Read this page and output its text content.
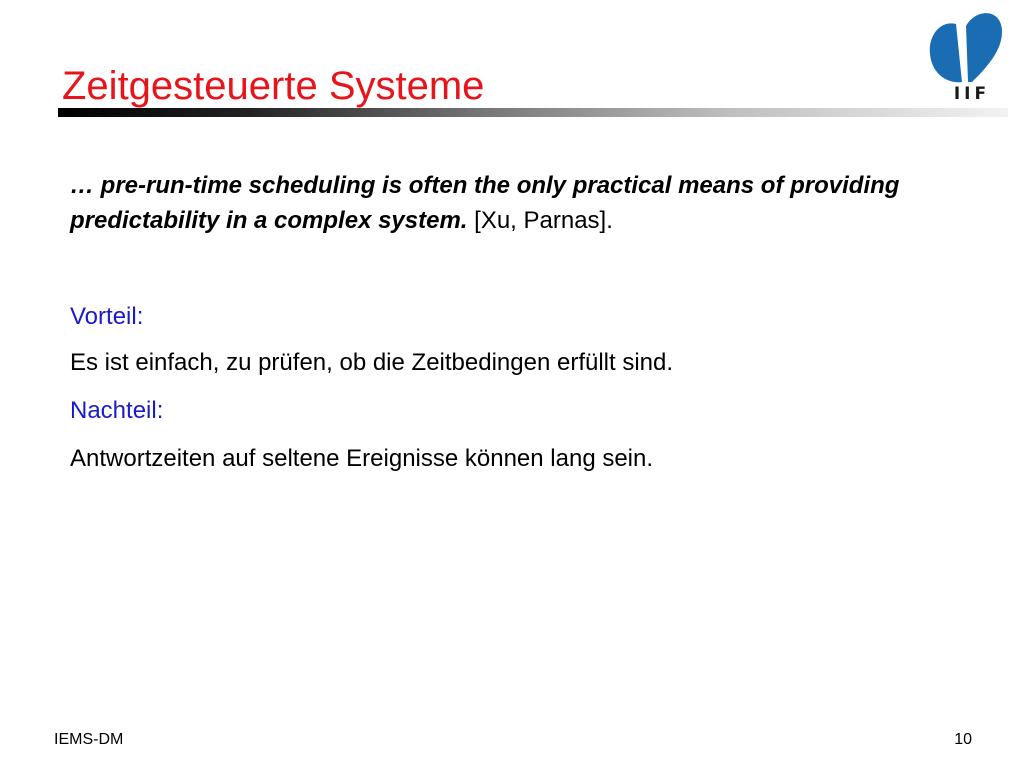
Zeitgesteuerte Systeme	IIF

… pre-run-time scheduling is often the only practical means of providing predictability in a complex system. [Xu, Parnas].

Vorteil:

Es ist einfach, zu prüfen, ob die Zeitbedingen erfüllt sind.

Nachteil:

Antwortzeiten auf seltene Ereignisse können lang sein.

IEMS-DM	10
